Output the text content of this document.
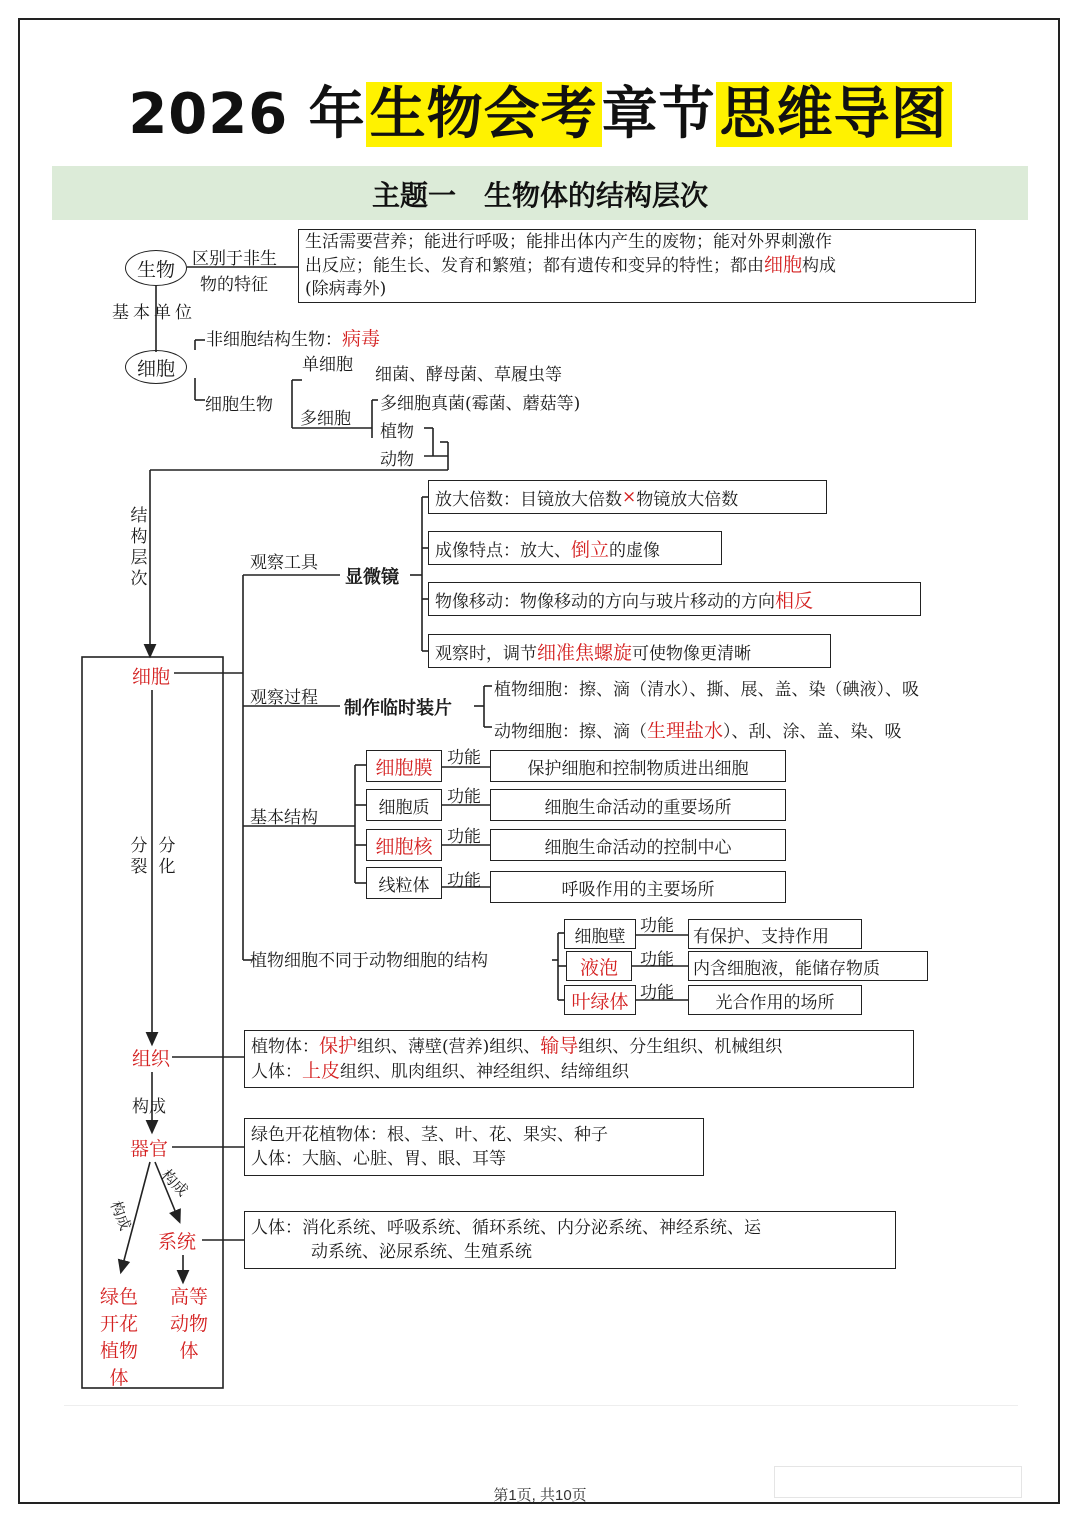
2026 年生物会考章节思维导图
主题一　生物体的结构层次
生物	区别于非生
物的特征
生活需要营养；能进行呼吸；能排出体内产生的废物；能对外界刺激作
出反应；能生长、发育和繁殖；都有遗传和变异的特性；都由细胞构成
(除病毒外)
基本单位
细胞
非细胞结构生物：病毒
细胞生物
单细胞 细菌、酵母菌、草履虫等
多细胞
多细胞真菌(霉菌、蘑菇等)
植物
动物
结构层次
观察工具
显微镜
放大倍数：目镜放大倍数 × 物镜放大倍数
成像特点：放大、 倒立 的虚像
物像移动：物像移动的方向与玻片移动的方向 相反
观察时，调节 细准焦螺旋 可使物像更清晰
观察过程 制作临时装片
植物细胞：擦、滴（清水）、撕、展、盖、染（碘液）、吸
动物细胞：擦、滴（生理盐水）、刮、涂、盖、染、吸
基本结构
细胞膜 功能
保护细胞和控制物质进出细胞
细胞质
功能
细胞生命活动的重要场所
细胞核 功能
细胞生命活动的控制中心
线粒体	功能	呼吸作用的主要场所
植物细胞不同于动物细胞的结构
细胞壁
功能
有保护、支持作用
液泡 功能 内含细胞液，能储存物质
叶绿体 功能	光合作用的场所
细胞
分裂
分化
组织
构成
器官
构成
构成
系统
绿色开花植物体
高等动物体
植物体：保护组织、薄壁(营养)组织、输导组织、分生组织、机械组织
人体：上皮组织、肌肉组织、神经组织、结缔组织
绿色开花植物体：根、茎、叶、花、果实、种子
人体：大脑、心脏、胃、眼、耳等
人体：消化系统、呼吸系统、循环系统、内分泌系统、神经系统、运
动系统、泌尿系统、生殖系统
第1页, 共10页
